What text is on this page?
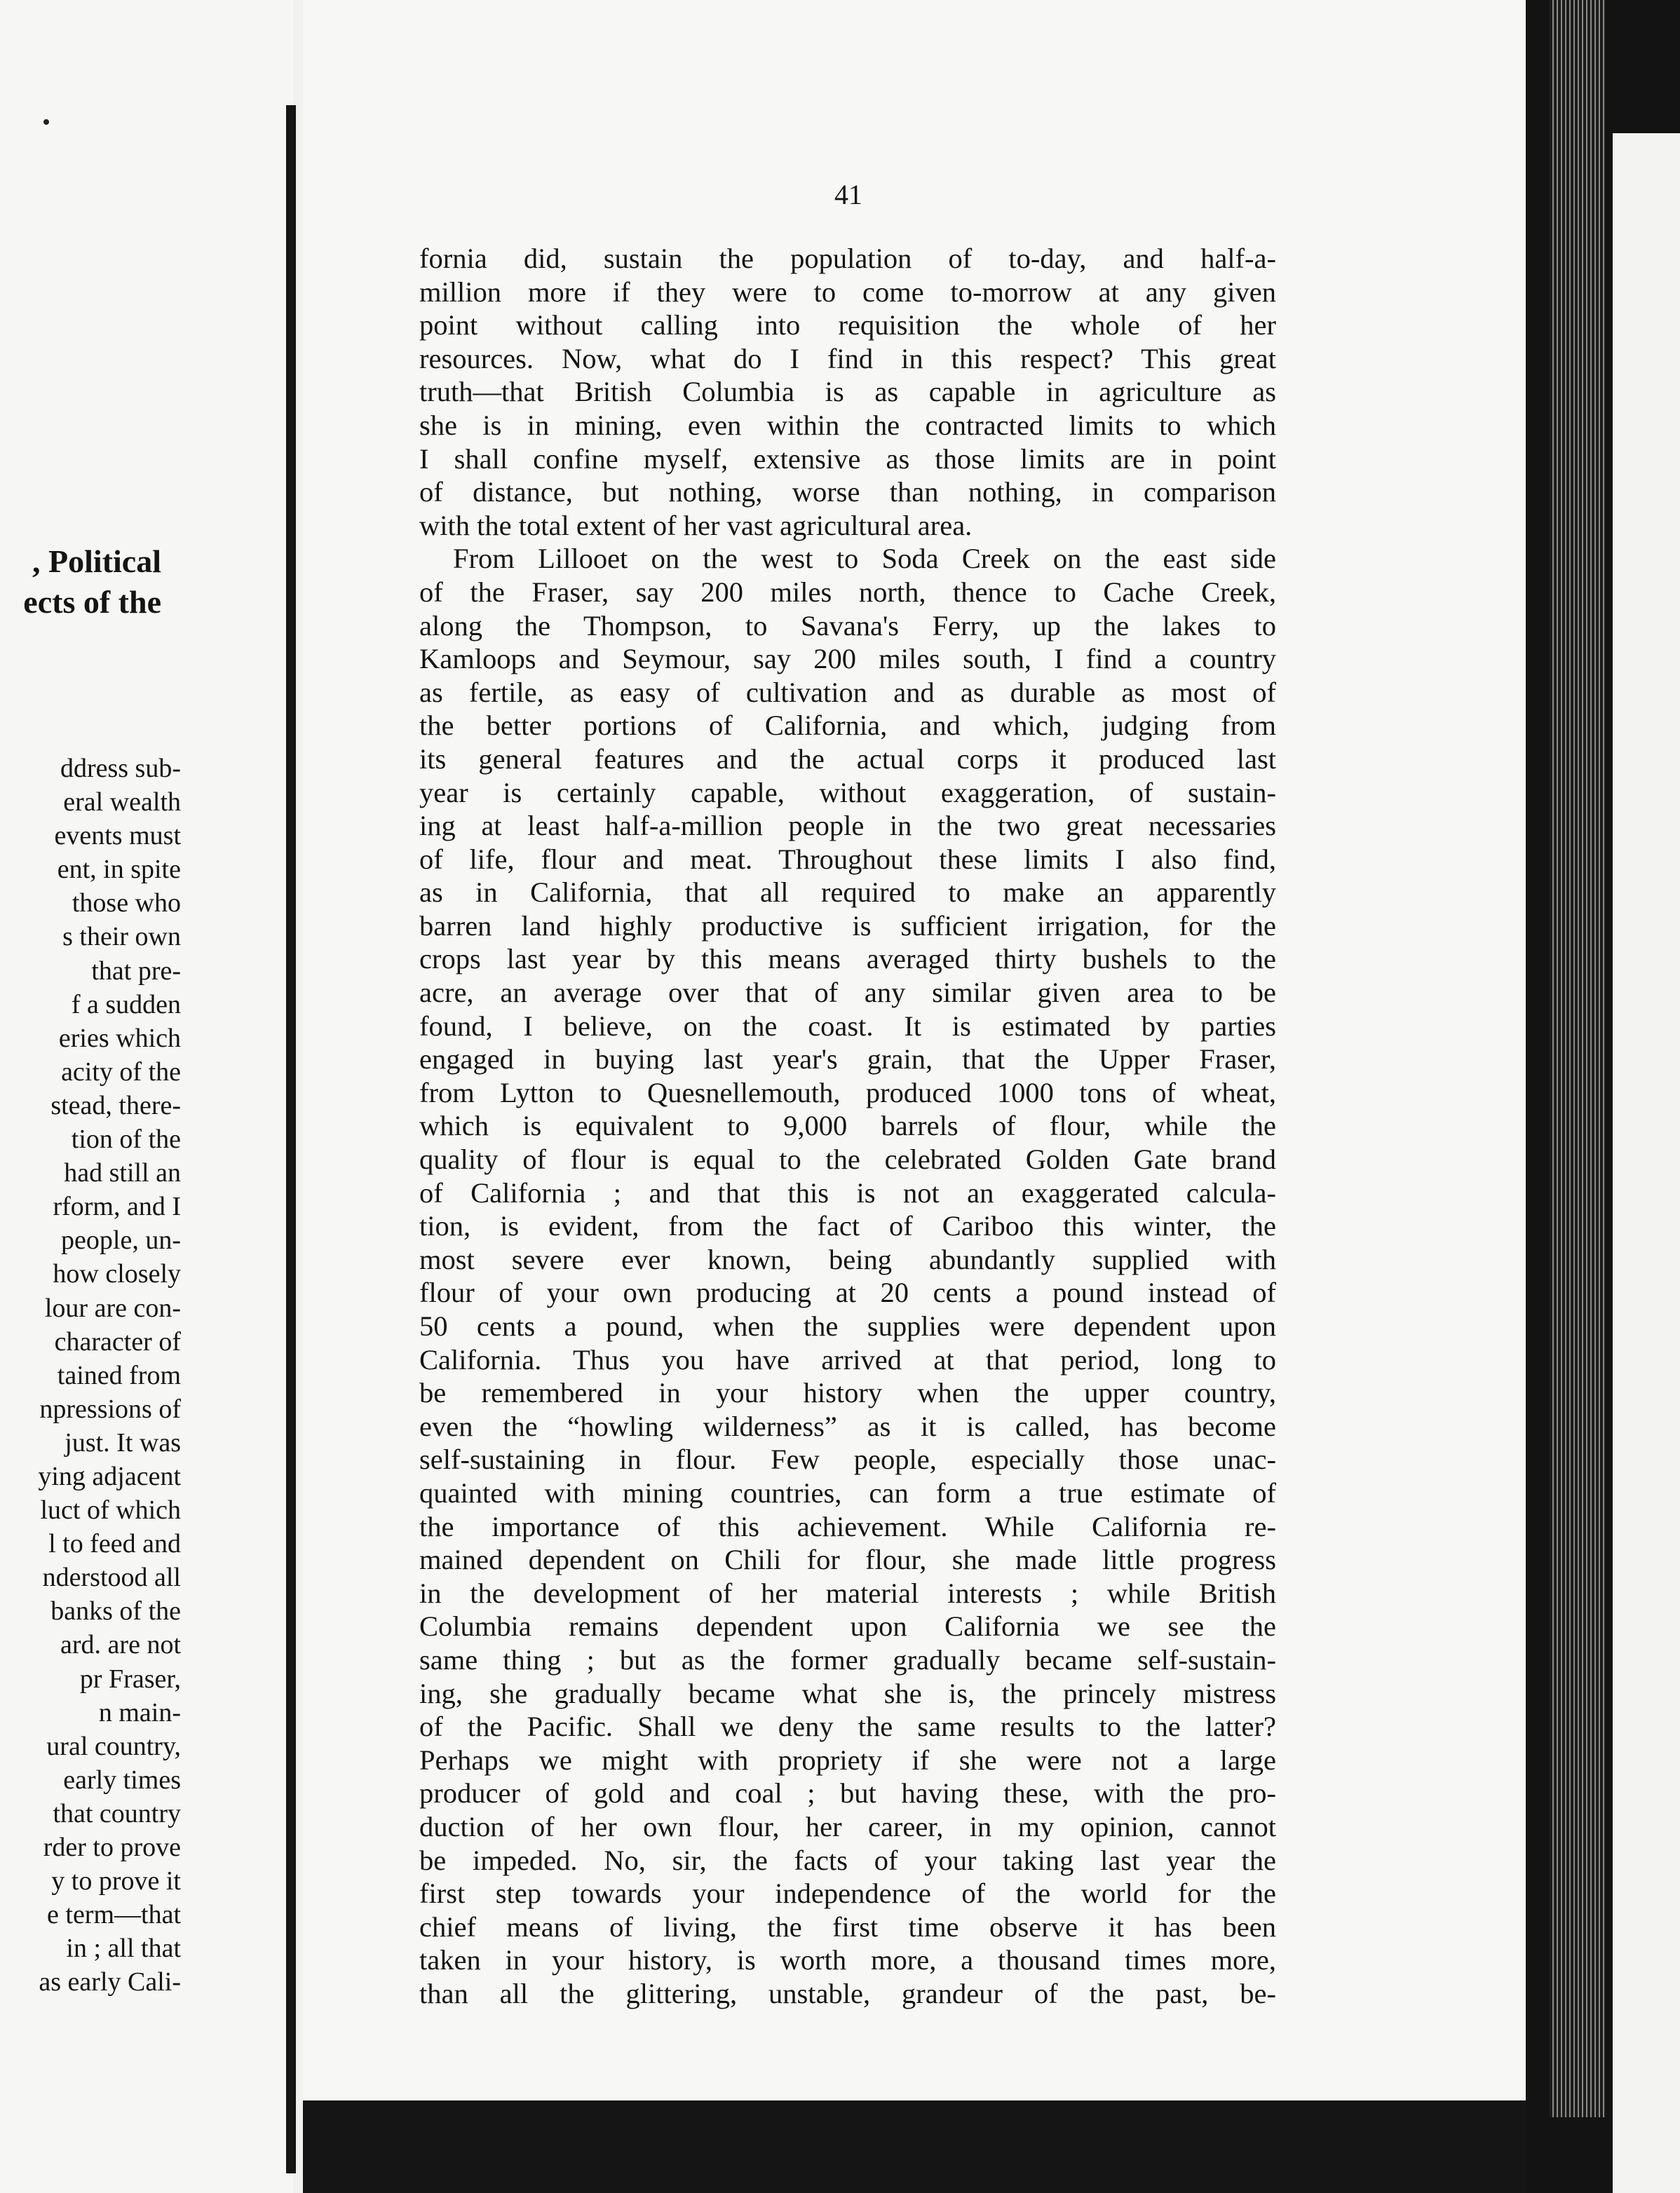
, Political
ects of the
ddress sub-
eral wealth
events must
ent, in spite
those who
s their own
that pre-
f a sudden
eries which
acity of the
stead, there-
tion of the
had still an
rform, and I
people, un-
how closely
lour are con-
character of
tained from
npressions of
just. It was
ying adjacent
luct of which
l to feed and
nderstood all
banks of the
ard. are not
pr Fraser,
n main-
ural country,
early times
that country
rder to prove
y to prove it
e term—that
in ; all that
as early Cali-
41
fornia did, sustain the population of to-day, and half-a-
million more if they were to come to-morrow at any given
point without calling into requisition the whole of her
resources. Now, what do I find in this respect? This great
truth—that British Columbia is as capable in agriculture as
she is in mining, even within the contracted limits to which
I shall confine myself, extensive as those limits are in point
of distance, but nothing, worse than nothing, in comparison
with the total extent of her vast agricultural area.
From Lillooet on the west to Soda Creek on the east side
of the Fraser, say 200 miles north, thence to Cache Creek,
along the Thompson, to Savana's Ferry, up the lakes to
Kamloops and Seymour, say 200 miles south, I find a country
as fertile, as easy of cultivation and as durable as most of
the better portions of California, and which, judging from
its general features and the actual corps it produced last
year is certainly capable, without exaggeration, of sustain-
ing at least half-a-million people in the two great necessaries
of life, flour and meat. Throughout these limits I also find,
as in California, that all required to make an apparently
barren land highly productive is sufficient irrigation, for the
crops last year by this means averaged thirty bushels to the
acre, an average over that of any similar given area to be
found, I believe, on the coast. It is estimated by parties
engaged in buying last year's grain, that the Upper Fraser,
from Lytton to Quesnellemouth, produced 1000 tons of wheat,
which is equivalent to 9,000 barrels of flour, while the
quality of flour is equal to the celebrated Golden Gate brand
of California ; and that this is not an exaggerated calcula-
tion, is evident, from the fact of Cariboo this winter, the
most severe ever known, being abundantly supplied with
flour of your own producing at 20 cents a pound instead of
50 cents a pound, when the supplies were dependent upon
California. Thus you have arrived at that period, long to
be remembered in your history when the upper country,
even the “howling wilderness” as it is called, has become
self-sustaining in flour. Few people, especially those unac-
quainted with mining countries, can form a true estimate of
the importance of this achievement. While California re-
mained dependent on Chili for flour, she made little progress
in the development of her material interests ; while British
Columbia remains dependent upon California we see the
same thing ; but as the former gradually became self-sustain-
ing, she gradually became what she is, the princely mistress
of the Pacific. Shall we deny the same results to the latter?
Perhaps we might with propriety if she were not a large
producer of gold and coal ; but having these, with the pro-
duction of her own flour, her career, in my opinion, cannot
be impeded. No, sir, the facts of your taking last year the
first step towards your independence of the world for the
chief means of living, the first time observe it has been
taken in your history, is worth more, a thousand times more,
than all the glittering, unstable, grandeur of the past, be-
